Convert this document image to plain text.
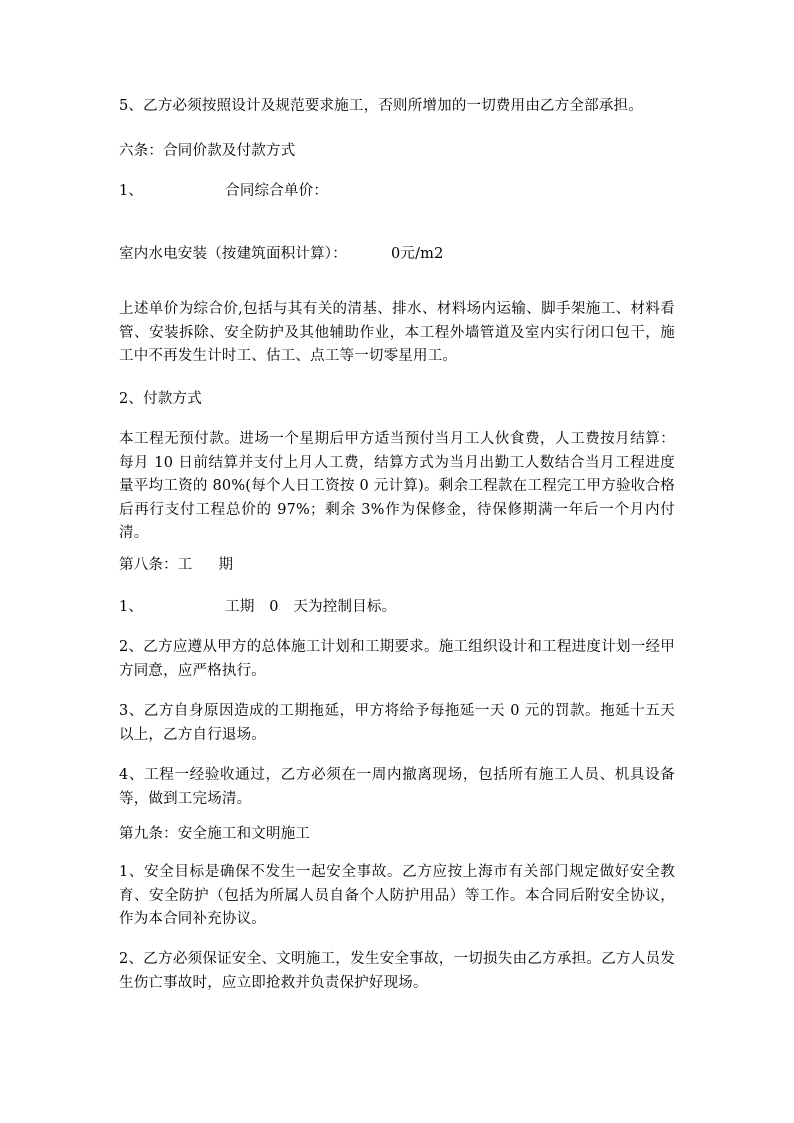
5、乙方必须按照设计及规范要求施工，否则所增加的一切费用由乙方全部承担。
六条：合同价款及付款方式
1、	合同综合单价：
室内水电安装（按建筑面积计算）：	0元/m2
上述单价为综合价,包括与其有关的清基、排水、材料场内运输、脚手架施工、材料看管、安装拆除、安全防护及其他辅助作业，本工程外墙管道及室内实行闭口包干，施工中不再发生计时工、估工、点工等一切零星用工。
2、付款方式
本工程无预付款。进场一个星期后甲方适当预付当月工人伙食费，人工费按月结算：每月 10 日前结算并支付上月人工费，结算方式为当月出勤工人数结合当月工程进度量平均工资的 80%(每个人日工资按 0 元计算)。剩余工程款在工程完工甲方验收合格后再行支付工程总价的 97%；剩余 3%作为保修金，待保修期满一年后一个月内付清。
第八条：工 期
1、	工期　0　天为控制目标。
2、乙方应遵从甲方的总体施工计划和工期要求。施工组织设计和工程进度计划一经甲方同意，应严格执行。
3、乙方自身原因造成的工期拖延，甲方将给予每拖延一天 0 元的罚款。拖延十五天以上，乙方自行退场。
4、工程一经验收通过，乙方必须在一周内撤离现场，包括所有施工人员、机具设备等，做到工完场清。
第九条：安全施工和文明施工
1、安全目标是确保不发生一起安全事故。乙方应按上海市有关部门规定做好安全教育、安全防护（包括为所属人员自备个人防护用品）等工作。本合同后附安全协议，作为本合同补充协议。
2、乙方必须保证安全、文明施工，发生安全事故，一切损失由乙方承担。乙方人员发生伤亡事故时，应立即抢救并负责保护好现场。
